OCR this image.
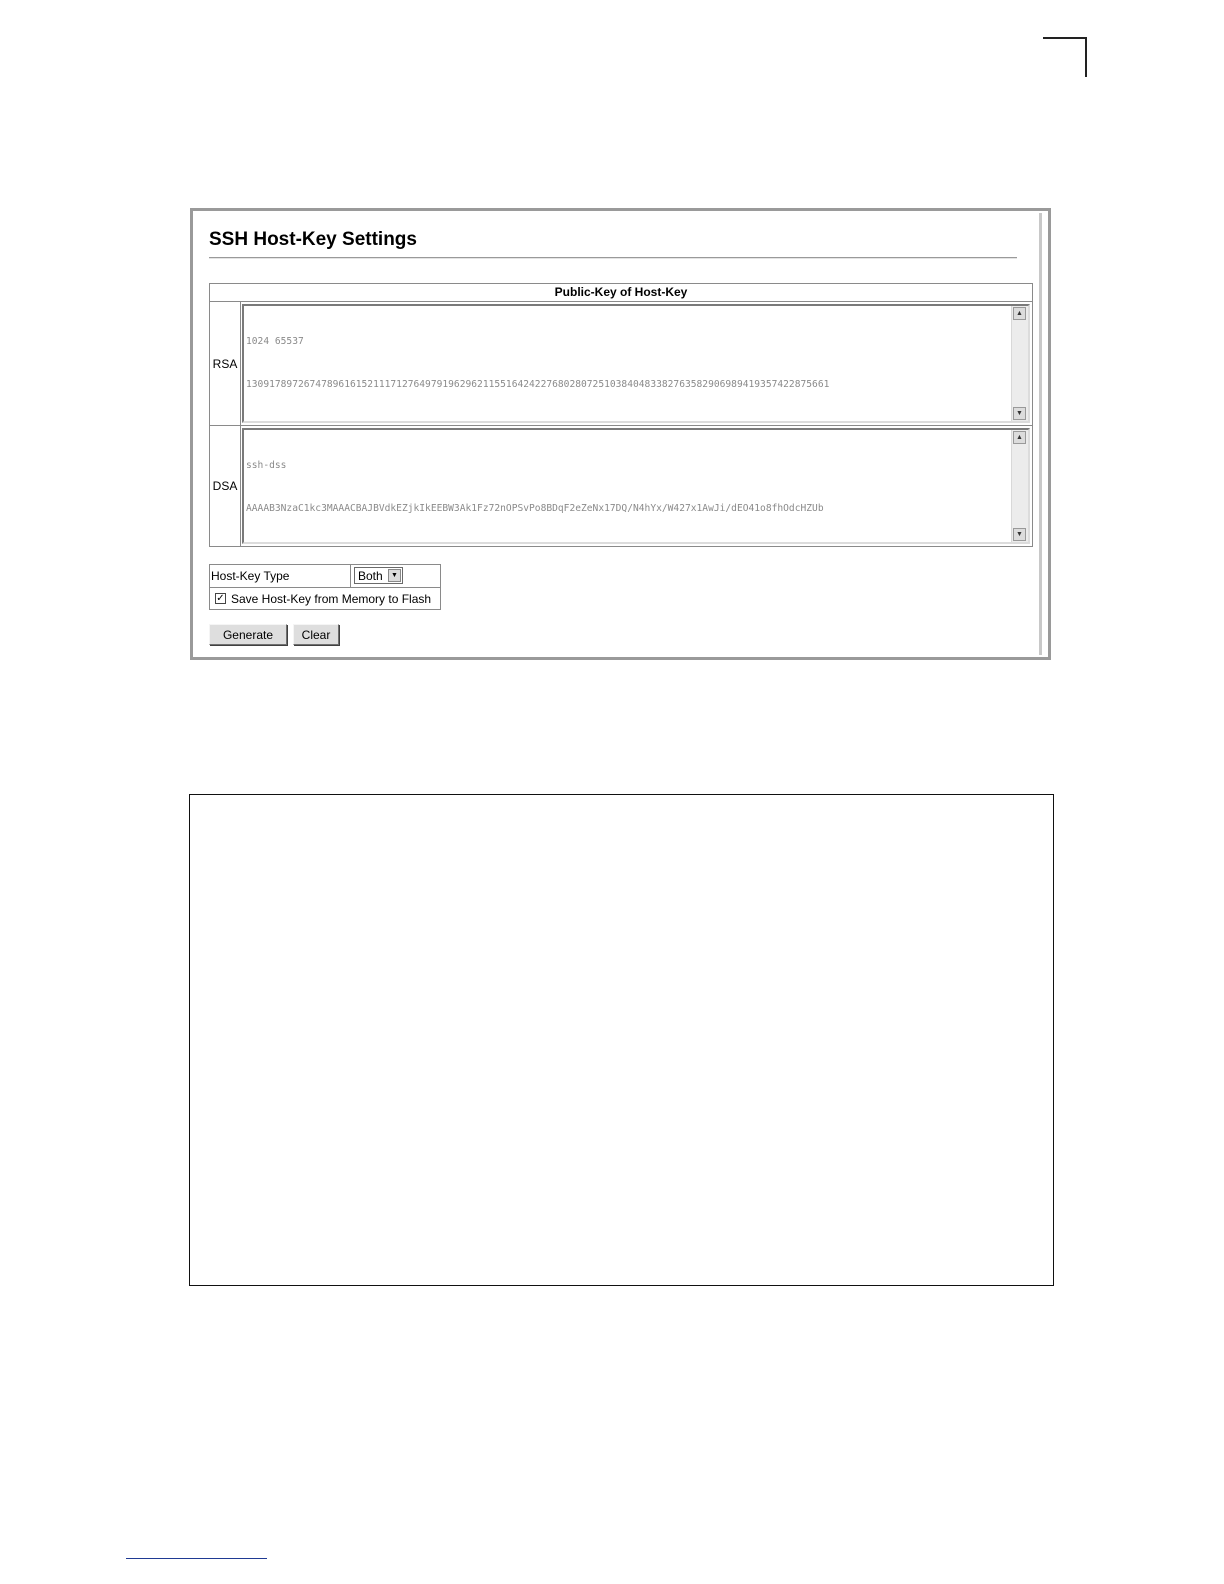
SSH Host-Key Settings
Public-Key of Host-Key
RSA

1024 65537

13091789726747896161521117127649791962962115516424227680280725103840483382763582906989419357422875661

▲
▼
DSA

ssh-dss

AAAAB3NzaC1kc3MAAACBAJBVdkEZjkIkEEBW3Ak1Fz72nOPSvPo8BDqF2eZeNx17DQ/N4hYx/W427x1AwJi/dEO41o8fhOdcHZUb

▲
▼
Host-Key Type	Both	▼
✓ Save Host-Key from Memory to Flash
Generate	Clear
